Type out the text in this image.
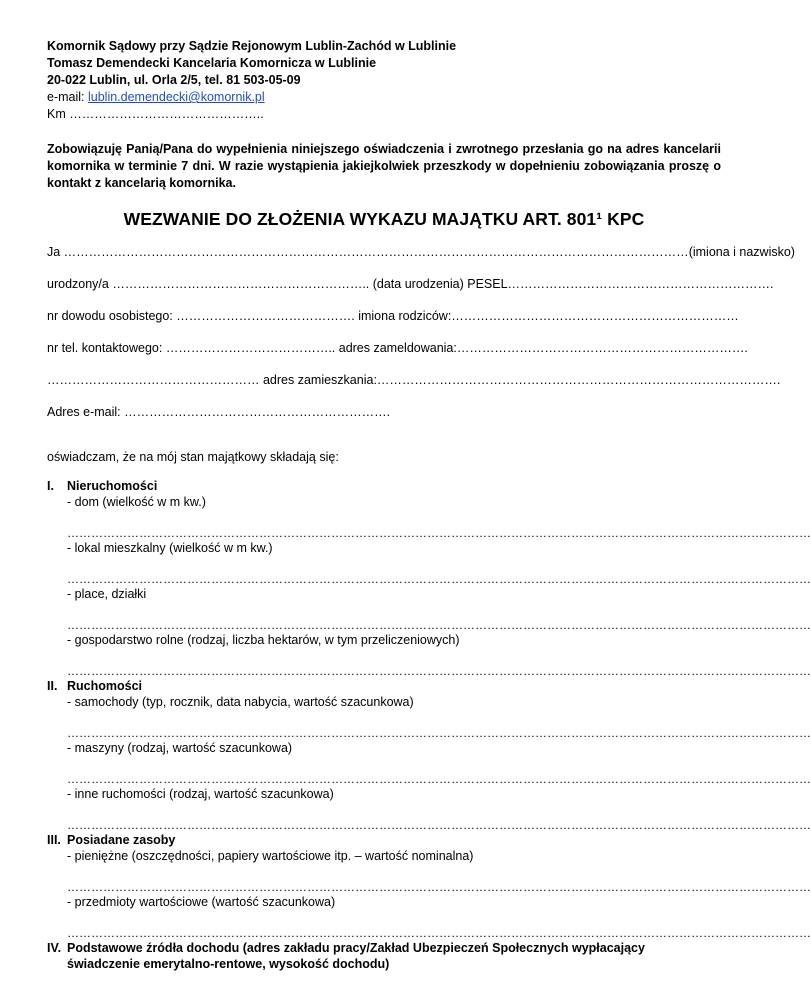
Komornik Sądowy przy Sądzie Rejonowym Lublin-Zachód w Lublinie
Tomasz Demendecki Kancelaria Komornicza w Lublinie
20-022 Lublin, ul. Orla 2/5, tel. 81 503-05-09
e-mail: lublin.demendecki@komornik.pl
Km ………………………………………..
Zobowiązuję Panią/Pana do wypełnienia niniejszego oświadczenia i zwrotnego przesłania go na adres kancelarii komornika w terminie 7 dni. W razie wystąpienia jakiejkolwiek przeszkody w dopełnieniu zobowiązania proszę o kontakt z kancelarią komornika.
WEZWANIE DO ZŁOŻENIA WYKAZU MAJĄTKU ART. 801¹ KPC
Ja …………………………………………………………………………………………………………………………………… (imiona i nazwisko)
urodzony/a …………………………………………………….. (data urodzenia) PESEL ……………………………………………………….
nr dowodu osobistego: ……………………………………. imiona rodziców: ……………………………………………………………
nr tel. kontaktowego: ………………………………….. adres zameldowania: …………………………………………………………….
…………………………………………… adres zamieszkania: …………………………………………………………………………………….
Adres e-mail: ……………………………………………………….
oświadczam, że na mój stan majątkowy składają się:
I.	Nieruchomości
- dom (wielkość w m kw.)
……………………………………………………………………………………………………………………………………………………………………
- lokal mieszkalny (wielkość w m kw.)
……………………………………………………………………………………………………………………………………………………………………
- place, działki
……………………………………………………………………………………………………………………………………………………………………
- gospodarstwo rolne (rodzaj, liczba hektarów, w tym przeliczeniowych)
……………………………………………………………………………………………………………………………………………………………………
II. Ruchomości
- samochody (typ, rocznik, data nabycia, wartość szacunkowa)
……………………………………………………………………………………………………………………………………………………………………
- maszyny (rodzaj, wartość szacunkowa)
……………………………………………………………………………………………………………………………………………………………………
- inne ruchomości (rodzaj, wartość szacunkowa)
……………………………………………………………………………………………………………………………………………………………………
III. Posiadane zasoby
- pieniężne (oszczędności, papiery wartościowe itp. – wartość nominalna)
……………………………………………………………………………………………………………………………………………………………………
- przedmioty wartościowe (wartość szacunkowa)
……………………………………………………………………………………………………………………………………………………………………
IV. Podstawowe źródła dochodu (adres zakładu pracy/Zakład Ubezpieczeń Społecznych wypłacający świadczenie emerytalno-rentowe, wysokość dochodu)
